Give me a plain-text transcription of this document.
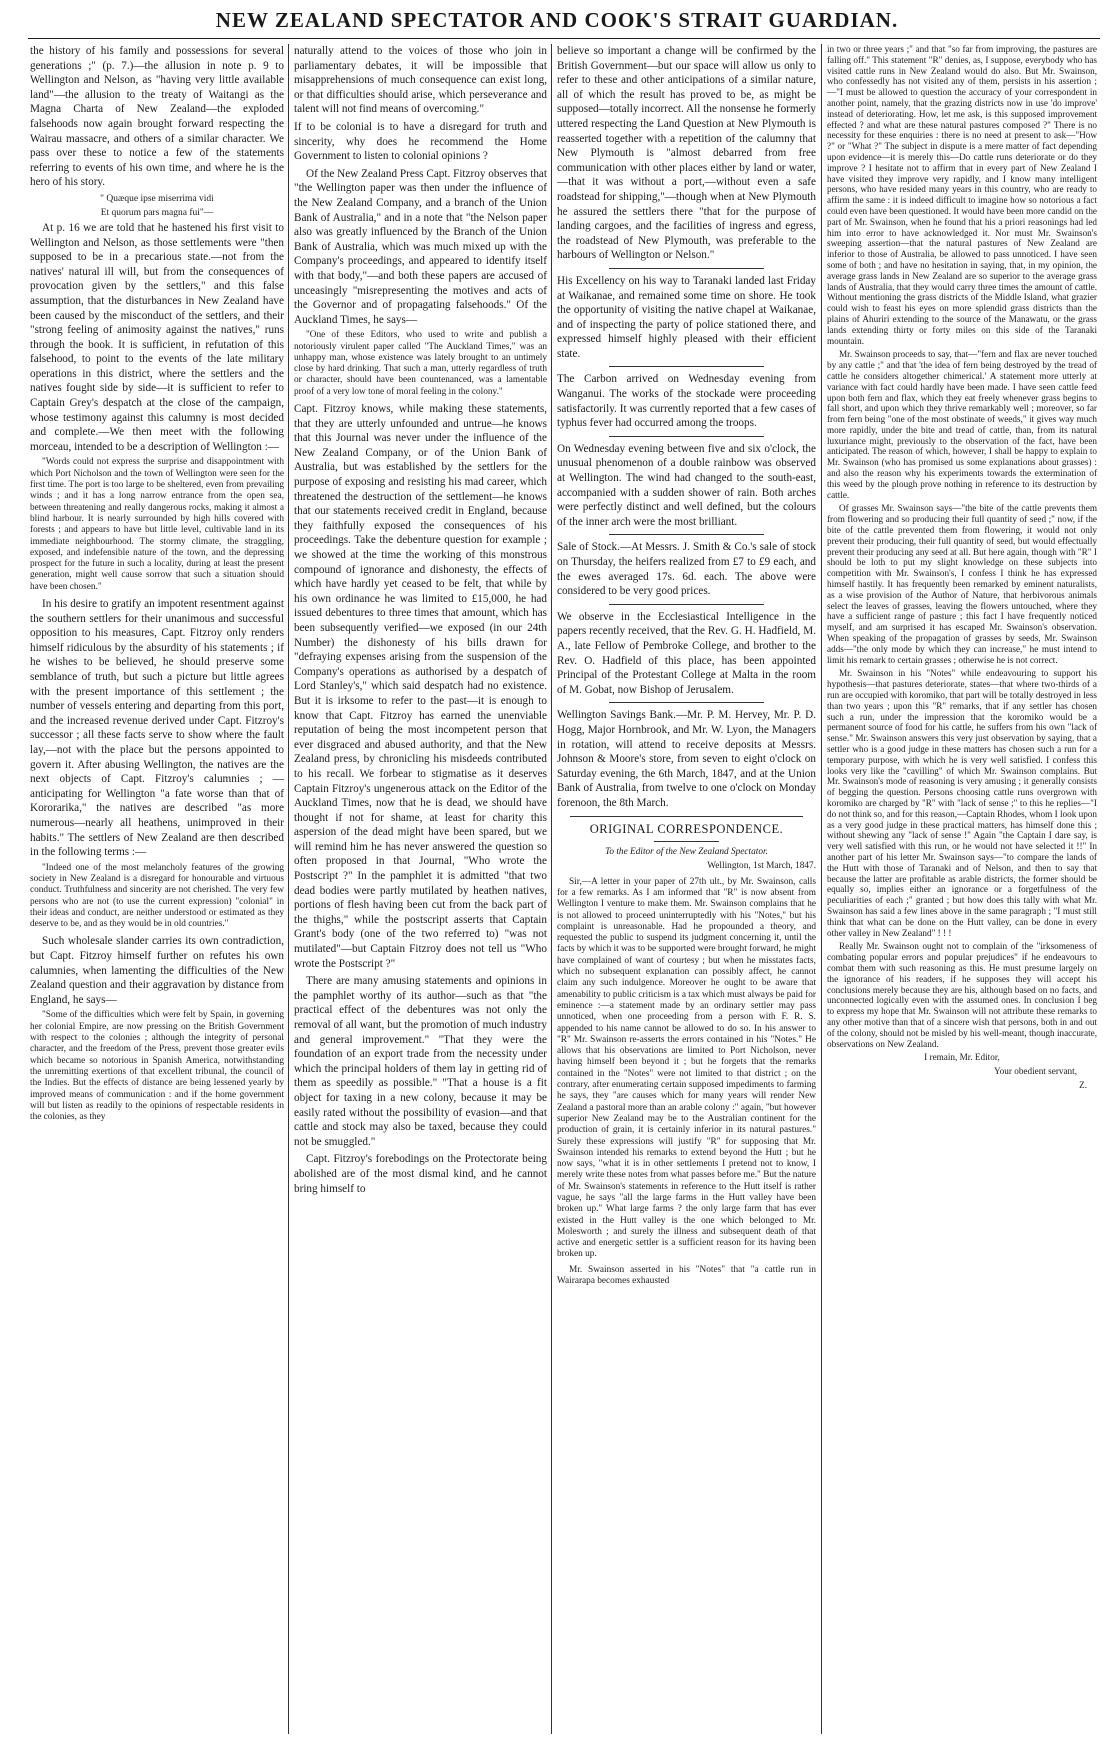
NEW ZEALAND SPECTATOR AND COOK'S STRAIT GUARDIAN.

the history of his family and possessions for several generations ;" (p. 7.)—the allusion in note p. 9 to Wellington and Nelson, as "having very little available land"—the allusion to the treaty of Waitangi as the Magna Charta of New Zealand—the exploded falsehoods now again brought forward respecting the Wairau massacre, and others of a similar character. We pass over these to notice a few of the statements referring to events of his own time, and where he is the hero of his story.

" Quæque ipse miserrima vidi

Et quorum pars magna fui"—

At p. 16 we are told that he hastened his first visit to Wellington and Nelson, as those settlements were "then supposed to be in a precarious state.—not from the natives' natural ill will, but from the consequences of provocation given by the settlers," and this false assumption, that the disturbances in New Zealand have been caused by the misconduct of the settlers, and their "strong feeling of animosity against the natives," runs through the book. It is sufficient, in refutation of this falsehood, to point to the events of the late military operations in this district, where the settlers and the natives fought side by side—it is sufficient to refer to Captain Grey's despatch at the close of the campaign, whose testimony against this calumny is most decided and complete.—We then meet with the following morceau, intended to be a description of Wellington :—

"Words could not express the surprise and disappointment with which Port Nicholson and the town of Wellington were seen for the first time. The port is too large to be sheltered, even from prevailing winds ; and it has a long narrow entrance from the open sea, between threatening and really dangerous rocks, making it almost a blind harbour. It is nearly surrounded by high hills covered with forests ; and appears to have but little level, cultivable land in its immediate neighbourhood. The stormy climate, the straggling, exposed, and indefensible nature of the town, and the depressing prospect for the future in such a locality, during at least the present generation, might well cause sorrow that such a situation should have been chosen."

In his desire to gratify an impotent resentment against the southern settlers for their unanimous and successful opposition to his measures, Capt. Fitzroy only renders himself ridiculous by the absurdity of his statements ; if he wishes to be believed, he should preserve some semblance of truth, but such a picture but little agrees with the present importance of this settlement ; the number of vessels entering and departing from this port, and the increased revenue derived under Capt. Fitzroy's successor ; all these facts serve to show where the fault lay,—not with the place but the persons appointed to govern it. After abusing Wellington, the natives are the next objects of Capt. Fitzroy's calumnies ; — anticipating for Wellington "a fate worse than that of Kororarika," the natives are described "as more numerous—nearly all heathens, unimproved in their habits." The settlers of New Zealand are then described in the following terms :—

"Indeed one of the most melancholy features of the growing society in New Zealand is a disregard for honourable and virtuous conduct. Truthfulness and sincerity are not cherished. The very few persons who are not (to use the current expression) "colonial" in their ideas and conduct, are neither understood or estimated as they deserve to be, and as they would be in old countries."

Such wholesale slander carries its own contradiction, but Capt. Fitzroy himself further on refutes his own calumnies, when lamenting the difficulties of the New Zealand question and their aggravation by distance from England, he says—

"Some of the difficulties which were felt by Spain, in governing her colonial Empire, are now pressing on the British Government with respect to the colonies ; although the integrity of personal character, and the freedom of the Press, prevent those greater evils which became so notorious in Spanish America, notwithstanding the unremitting exertions of that excellent tribunal, the council of the Indies. But the effects of distance are being lessened yearly by improved means of communication : and if the home government will but listen as readily to the opinions of respectable residents in the colonies, as they

naturally attend to the voices of those who join in parliamentary debates, it will be impossible that misapprehensions of much consequence can exist long, or that difficulties should arise, which perseverance and talent will not find means of overcoming."

If to be colonial is to have a disregard for truth and sincerity, why does he recommend the Home Government to listen to colonial opinions ?

Of the New Zealand Press Capt. Fitzroy observes that "the Wellington paper was then under the influence of the New Zealand Company, and a branch of the Union Bank of Australia," and in a note that "the Nelson paper also was greatly influenced by the Branch of the Union Bank of Australia, which was much mixed up with the Company's proceedings, and appeared to identify itself with that body,"—and both these papers are accused of unceasingly "misrepresenting the motives and acts of the Governor and of propagating falsehoods." Of the Auckland Times, he says—

"One of these Editors, who used to write and publish a notoriously virulent paper called "The Auckland Times," was an unhappy man, whose existence was lately brought to an untimely close by hard drinking. That such a man, utterly regardless of truth or character, should have been countenanced, was a lamentable proof of a very low tone of moral feeling in the colony."

Capt. Fitzroy knows, while making these statements, that they are utterly unfounded and untrue—he knows that this Journal was never under the influence of the New Zealand Company, or of the Union Bank of Australia, but was established by the settlers for the purpose of exposing and resisting his mad career, which threatened the destruction of the settlement—he knows that our statements received credit in England, because they faithfully exposed the consequences of his proceedings. Take the debenture question for example ; we showed at the time the working of this monstrous compound of ignorance and dishonesty, the effects of which have hardly yet ceased to be felt, that while by his own ordinance he was limited to £15,000, he had issued debentures to three times that amount, which has been subsequently verified—we exposed (in our 24th Number) the dishonesty of his bills drawn for "defraying expenses arising from the suspension of the Company's operations as authorised by a despatch of Lord Stanley's," which said despatch had no existence. But it is irksome to refer to the past—it is enough to know that Capt. Fitzroy has earned the unenviable reputation of being the most incompetent person that ever disgraced and abused authority, and that the New Zealand press, by chronicling his misdeeds contributed to his recall. We forbear to stigmatise as it deserves Captain Fitzroy's ungenerous attack on the Editor of the Auckland Times, now that he is dead, we should have thought if not for shame, at least for charity this aspersion of the dead might have been spared, but we will remind him he has never answered the question so often proposed in that Journal, "Who wrote the Postscript ?" In the pamphlet it is admitted "that two dead bodies were partly mutilated by heathen natives, portions of flesh having been cut from the back part of the thighs," while the postscript asserts that Captain Grant's body (one of the two referred to) "was not mutilated"—but Captain Fitzroy does not tell us "Who wrote the Postscript ?"

There are many amusing statements and opinions in the pamphlet worthy of its author—such as that "the practical effect of the debentures was not only the removal of all want, but the promotion of much industry and general improvement." "That they were the foundation of an export trade from the necessity under which the principal holders of them lay in getting rid of them as speedily as possible." "That a house is a fit object for taxing in a new colony, because it may be easily rated without the possibility of evasion—and that cattle and stock may also be taxed, because they could not be smuggled."

Capt. Fitzroy's forebodings on the Protectorate being abolished are of the most dismal kind, and he cannot bring himself to

believe so important a change will be confirmed by the British Government—but our space will allow us only to refer to these and other anticipations of a similar nature, all of which the result has proved to be, as might be supposed—totally incorrect. All the nonsense he formerly uttered respecting the Land Question at New Plymouth is reasserted together with a repetition of the calumny that New Plymouth is "almost debarred from free communication with other places either by land or water,—that it was without a port,—without even a safe roadstead for shipping,"—though when at New Plymouth he assured the settlers there "that for the purpose of landing cargoes, and the facilities of ingress and egress, the roadstead of New Plymouth, was preferable to the harbours of Wellington or Nelson."

His Excellency on his way to Taranaki landed last Friday at Waikanae, and remained some time on shore. He took the opportunity of visiting the native chapel at Waikanae, and of inspecting the party of police stationed there, and expressed himself highly pleased with their efficient state.

The Carbon arrived on Wednesday evening from Wanganui. The works of the stockade were proceeding satisfactorily. It was currently reported that a few cases of typhus fever had occurred among the troops.

On Wednesday evening between five and six o'clock, the unusual phenomenon of a double rainbow was observed at Wellington. The wind had changed to the south-east, accompanied with a sudden shower of rain. Both arches were perfectly distinct and well defined, but the colours of the inner arch were the most brilliant.

Sale of Stock.—At Messrs. J. Smith & Co.'s sale of stock on Thursday, the heifers realized from £7 to £9 each, and the ewes averaged 17s. 6d. each. The above were considered to be very good prices.

We observe in the Ecclesiastical Intelligence in the papers recently received, that the Rev. G. H. Hadfield, M. A., late Fellow of Pembroke College, and brother to the Rev. O. Hadfield of this place, has been appointed Principal of the Protestant College at Malta in the room of M. Gobat, now Bishop of Jerusalem.

Wellington Savings Bank.—Mr. P. M. Hervey, Mr. P. D. Hogg, Major Hornbrook, and Mr. W. Lyon, the Managers in rotation, will attend to receive deposits at Messrs. Johnson & Moore's store, from seven to eight o'clock on Saturday evening, the 6th March, 1847, and at the Union Bank of Australia, from twelve to one o'clock on Monday forenoon, the 8th March.

ORIGINAL CORRESPONDENCE.

To the Editor of the New Zealand Spectator.

Wellington, 1st March, 1847.

Sir,—A letter in your paper of 27th ult., by Mr. Swainson, calls for a few remarks. As I am informed that "R" is now absent from Wellington I venture to make them. Mr. Swainson complains that he is not allowed to proceed uninterruptedly with his "Notes," but his complaint is unreasonable. Had he propounded a theory, and requested the public to suspend its judgment concerning it, until the facts by which it was to be supported were brought forward, he might have complained of want of courtesy ; but when he misstates facts, which no subsequent explanation can possibly affect, he cannot claim any such indulgence. Moreover he ought to be aware that amenability to public criticism is a tax which must always be paid for eminence :—a statement made by an ordinary settler may pass unnoticed, when one proceeding from a person with F. R. S. appended to his name cannot be allowed to do so. In his answer to "R" Mr. Swainson re-asserts the errors contained in his "Notes." He allows that his observations are limited to Port Nicholson, never having himself been beyond it ; but he forgets that the remarks contained in the "Notes" were not limited to that district ; on the contrary, after enumerating certain supposed impediments to farming he says, they "are causes which for many years will render New Zealand a pastoral more than an arable colony :" again, "but however superior New Zealand may be to the Australian continent for the production of grain, it is certainly inferior in its natural pastures." Surely these expressions will justify "R" for supposing that Mr. Swainson intended his remarks to extend beyond the Hutt ; but he now says, "what it is in other settlements I pretend not to know, I merely write these notes from what passes before me." But the nature of Mr. Swainson's statements in reference to the Hutt itself is rather vague, he says "all the large farms in the Hutt valley have been broken up." What large farms ? the only large farm that has ever existed in the Hutt valley is the one which belonged to Mr. Molesworth ; and surely the illness and subsequent death of that active and energetic settler is a sufficient reason for its having been broken up.

Mr. Swainson asserted in his "Notes" that "a cattle run in Wairarapa becomes exhausted

in two or three years ;" and that "so far from improving, the pastures are falling off." This statement "R" denies, as, I suppose, everybody who has visited cattle runs in New Zealand would do also. But Mr. Swainson, who confessedly has not visited any of them, persists in his assertion ;—"I must be allowed to question the accuracy of your correspondent in another point, namely, that the grazing districts now in use 'do improve' instead of deteriorating. How, let me ask, is this supposed improvement effected ? and what are these natural pastures composed ?" There is no necessity for these enquiries : there is no need at present to ask—"How ?" or "What ?" The subject in dispute is a mere matter of fact depending upon evidence—it is merely this—Do cattle runs deteriorate or do they improve ? I hesitate not to affirm that in every part of New Zealand I have visited they improve very rapidly, and I know many intelligent persons, who have resided many years in this country, who are ready to affirm the same : it is indeed difficult to imagine how so notorious a fact could even have been questioned. It would have been more candid on the part of Mr. Swainson, when he found that his a priori reasonings had led him into error to have acknowledged it. Nor must Mr. Swainson's sweeping assertion—that the natural pastures of New Zealand are inferior to those of Australia, be allowed to pass unnoticed. I have seen some of both ; and have no hesitation in saying, that, in my opinion, the average grass lands in New Zealand are so superior to the average grass lands of Australia, that they would carry three times the amount of cattle. Without mentioning the grass districts of the Middle Island, what grazier could wish to feast his eyes on more splendid grass districts than the plains of Ahuriri extending to the source of the Manawatu, or the grass lands extending thirty or forty miles on this side of the Taranaki mountain.

Mr. Swainson proceeds to say, that—"fern and flax are never touched by any cattle ;" and that 'the idea of fern being destroyed by the tread of cattle he considers altogether chimerical.' A statement more utterly at variance with fact could hardly have been made. I have seen cattle feed upon both fern and flax, which they eat freely whenever grass begins to fall short, and upon which they thrive remarkably well ; moreover, so far from fern being "one of the most obstinate of weeds," it gives way much more rapidly, under the bite and tread of cattle, than, from its natural luxuriance might, previously to the observation of the fact, have been anticipated. The reason of which, however, I shall be happy to explain to Mr. Swainson (who has promised us some explanations about grasses) : and also the reason why his experiments towards the extermination of this weed by the plough prove nothing in reference to its destruction by cattle.

Of grasses Mr. Swainson says—"the bite of the cattle prevents them from flowering and so producing their full quantity of seed ;" now, if the bite of the cattle prevented them from flowering, it would not only prevent their producing, their full quantity of seed, but would effectually prevent their producing any seed at all. But here again, though with "R" I should be loth to put my slight knowledge on these subjects into competition with Mr. Swainson's, I confess I think he has expressed himself hastily. It has frequently been remarked by eminent naturalists, as a wise provision of the Author of Nature, that herbivorous animals select the leaves of grasses, leaving the flowers untouched, where they have a sufficient range of pasture ; this fact I have frequently noticed myself, and am surprised it has escaped Mr. Swainson's observation. When speaking of the propagation of grasses by seeds, Mr. Swainson adds—"the only mode by which they can increase," he must intend to limit his remark to certain grasses ; otherwise he is not correct.

Mr. Swainson in his "Notes" while endeavouring to support his hypothesis—that pastures deteriorate, states—that where two-thirds of a run are occupied with koromiko, that part will be totally destroyed in less than two years ; upon this "R" remarks, that if any settler has chosen such a run, under the impression that the koromiko would be a permanent source of food for his cattle, he suffers from his own "lack of sense." Mr. Swainson answers this very just observation by saying, that a settler who is a good judge in these matters has chosen such a run for a temporary purpose, with which he is very well satisfied. I confess this looks very like the "cavilling" of which Mr. Swainson complains. But Mr. Swainson's mode of reasoning is very amusing ; it generally consists of begging the question. Persons choosing cattle runs overgrown with koromiko are charged by "R" with "lack of sense ;" to this he replies—"I do not think so, and for this reason,—Captain Rhodes, whom I look upon as a very good judge in these practical matters, has himself done this ; without shewing any "lack of sense !" Again "the Captain I dare say, is very well satisfied with this run, or he would not have selected it !!" In another part of his letter Mr. Swainson says—"to compare the lands of the Hutt with those of Taranaki and of Nelson, and then to say that because the latter are profitable as arable districts, the former should be equally so, implies either an ignorance or a forgetfulness of the peculiarities of each ;" granted ; but how does this tally with what Mr. Swainson has said a few lines above in the same paragraph ; "I must still think that what can be done on the Hutt valley, can be done in every other valley in New Zealand" ! ! !

Really Mr. Swainson ought not to complain of the "irksomeness of combating popular errors and popular prejudices" if he endeavours to combat them with such reasoning as this. He must presume largely on the ignorance of his readers, if he supposes they will accept his conclusions merely because they are his, although based on no facts, and unconnected logically even with the assumed ones. In conclusion I beg to express my hope that Mr. Swainson will not attribute these remarks to any other motive than that of a sincere wish that persons, both in and out of the colony, should not be misled by his well-meant, though inaccurate, observations on New Zealand.

I remain, Mr. Editor,

Your obedient servant,

Z.
